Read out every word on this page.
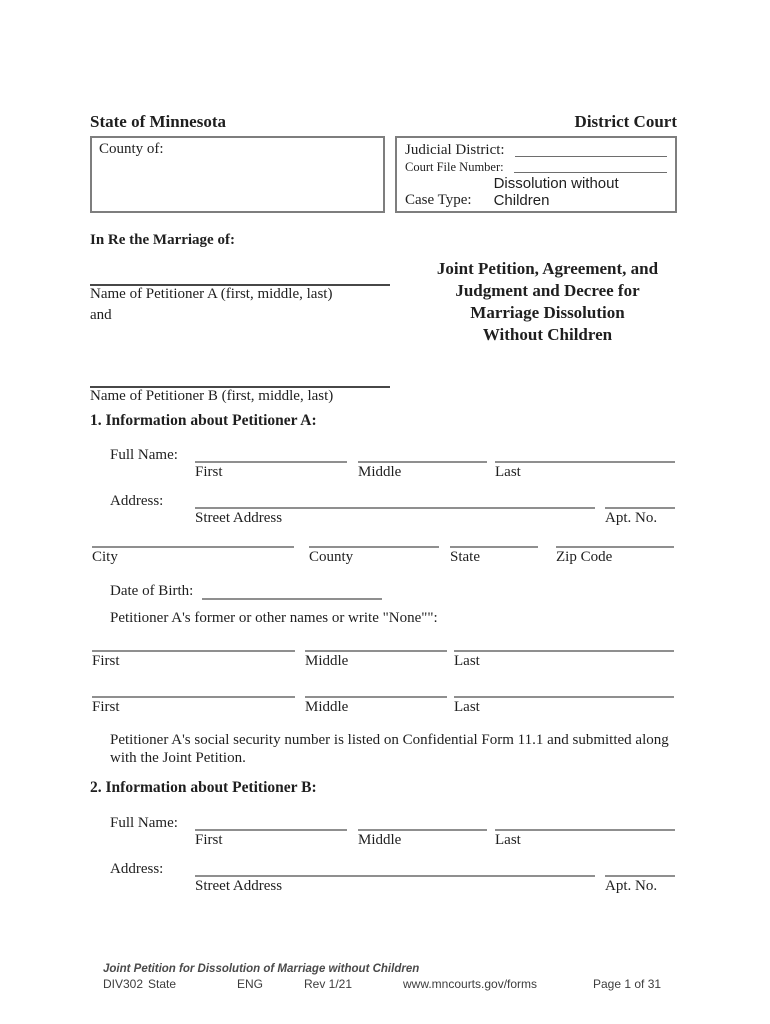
State of Minnesota	District Court
County of:	Judicial District:
Court File Number:
Case Type:
Dissolution without Children
In Re the Marriage of:
Name of Petitioner A (first, middle, last)
and
Name of Petitioner B (first, middle, last)
Joint Petition, Agreement, and
Judgment and Decree for
Marriage Dissolution
Without Children
1. Information about Petitioner A:
Full Name:
First	Middle	Last
Address:
Street Address	Apt. No.
City	County	State	Zip Code
Date of Birth:
Petitioner A's former or other names or write "None"":
First	Middle	Last
First	Middle	Last
Petitioner A's social security number is listed on Confidential Form 11.1 and submitted along with the Joint Petition.
2. Information about Petitioner B:
Full Name:
First	Middle	Last
Address:
Street Address	Apt. No.
Joint Petition for Dissolution of Marriage without Children
DIV302 State	ENG	Rev 1/21	www.mncourts.gov/forms	Page 1 of 31
